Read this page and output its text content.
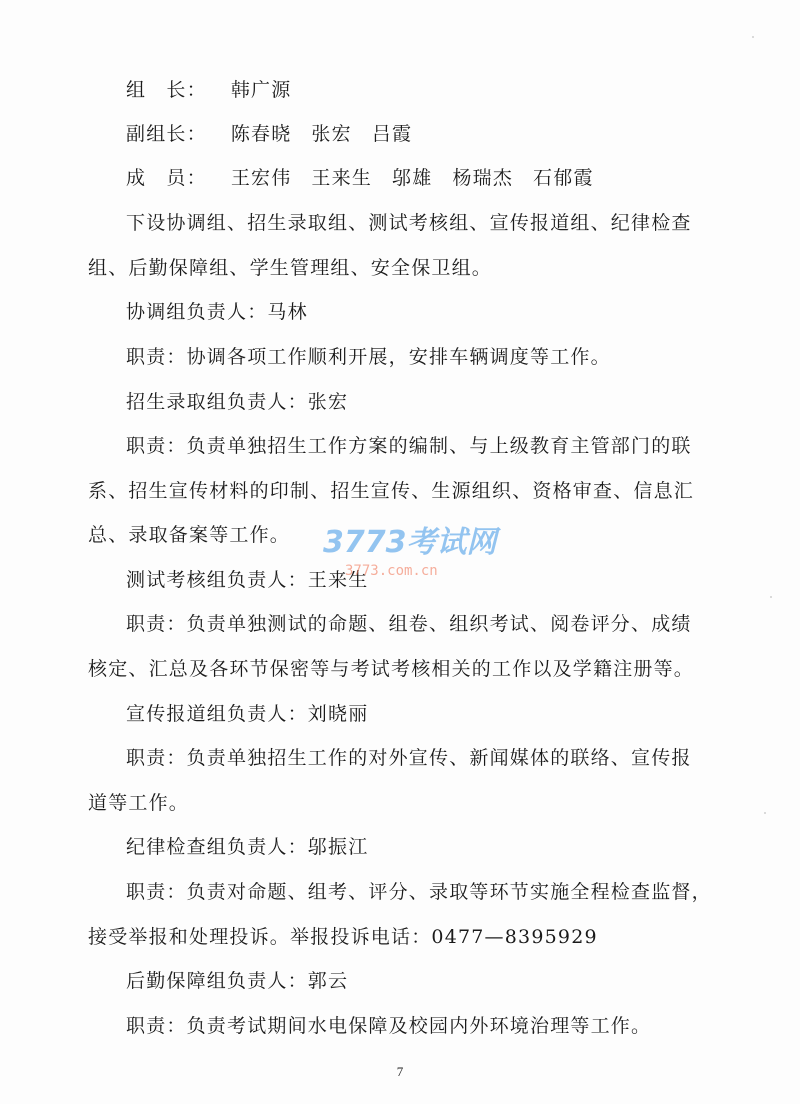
组　长： 韩广源
副组长： 陈春晓 张宏 吕霞
成　员： 王宏伟 王来生 邬雄 杨瑞杰 石郁霞
下设协调组、招生录取组、测试考核组、宣传报道组、纪律检查
组、后勤保障组、学生管理组、安全保卫组。
协调组负责人：马林
职责：协调各项工作顺利开展，安排车辆调度等工作。
招生录取组负责人：张宏
职责：负责单独招生工作方案的编制、与上级教育主管部门的联
系、招生宣传材料的印制、招生宣传、生源组织、资格审查、信息汇
总、录取备案等工作。
测试考核组负责人：王来生
职责：负责单独测试的命题、组卷、组织考试、阅卷评分、成绩
核定、汇总及各环节保密等与考试考核相关的工作以及学籍注册等。
宣传报道组负责人：刘晓丽
职责：负责单独招生工作的对外宣传、新闻媒体的联络、宣传报
道等工作。
纪律检查组负责人：邬振江
职责：负责对命题、组考、评分、录取等环节实施全程检查监督，
接受举报和处理投诉。举报投诉电话：0477—8395929
后勤保障组负责人：郭云
职责：负责考试期间水电保障及校园内外环境治理等工作。
3773考试网
3773.com.cn
7
